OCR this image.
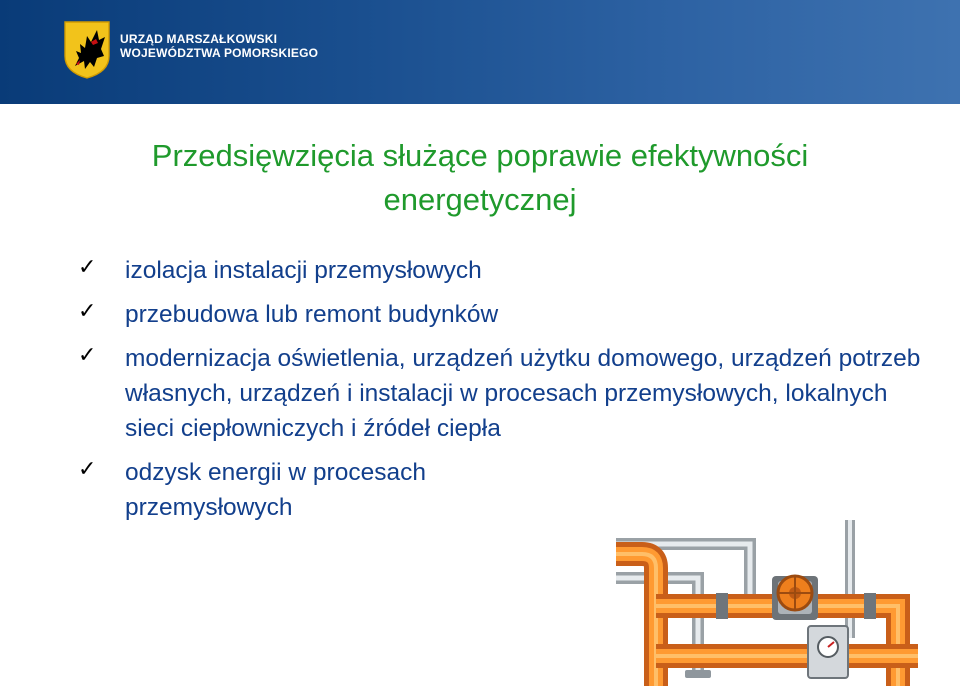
URZĄD MARSZAŁKOWSKI
WOJEWÓDZTWA POMORSKIEGO
Przedsięwzięcia służące poprawie efektywności
energetycznej
✓ izolacja instalacji przemysłowych
✓ przebudowa lub remont budynków
✓ modernizacja oświetlenia, urządzeń użytku domowego, urządzeń potrzeb własnych, urządzeń i instalacji w procesach przemysłowych, lokalnych sieci ciepłowniczych i źródeł ciepła
✓ odzysk energii w procesach przemysłowych
